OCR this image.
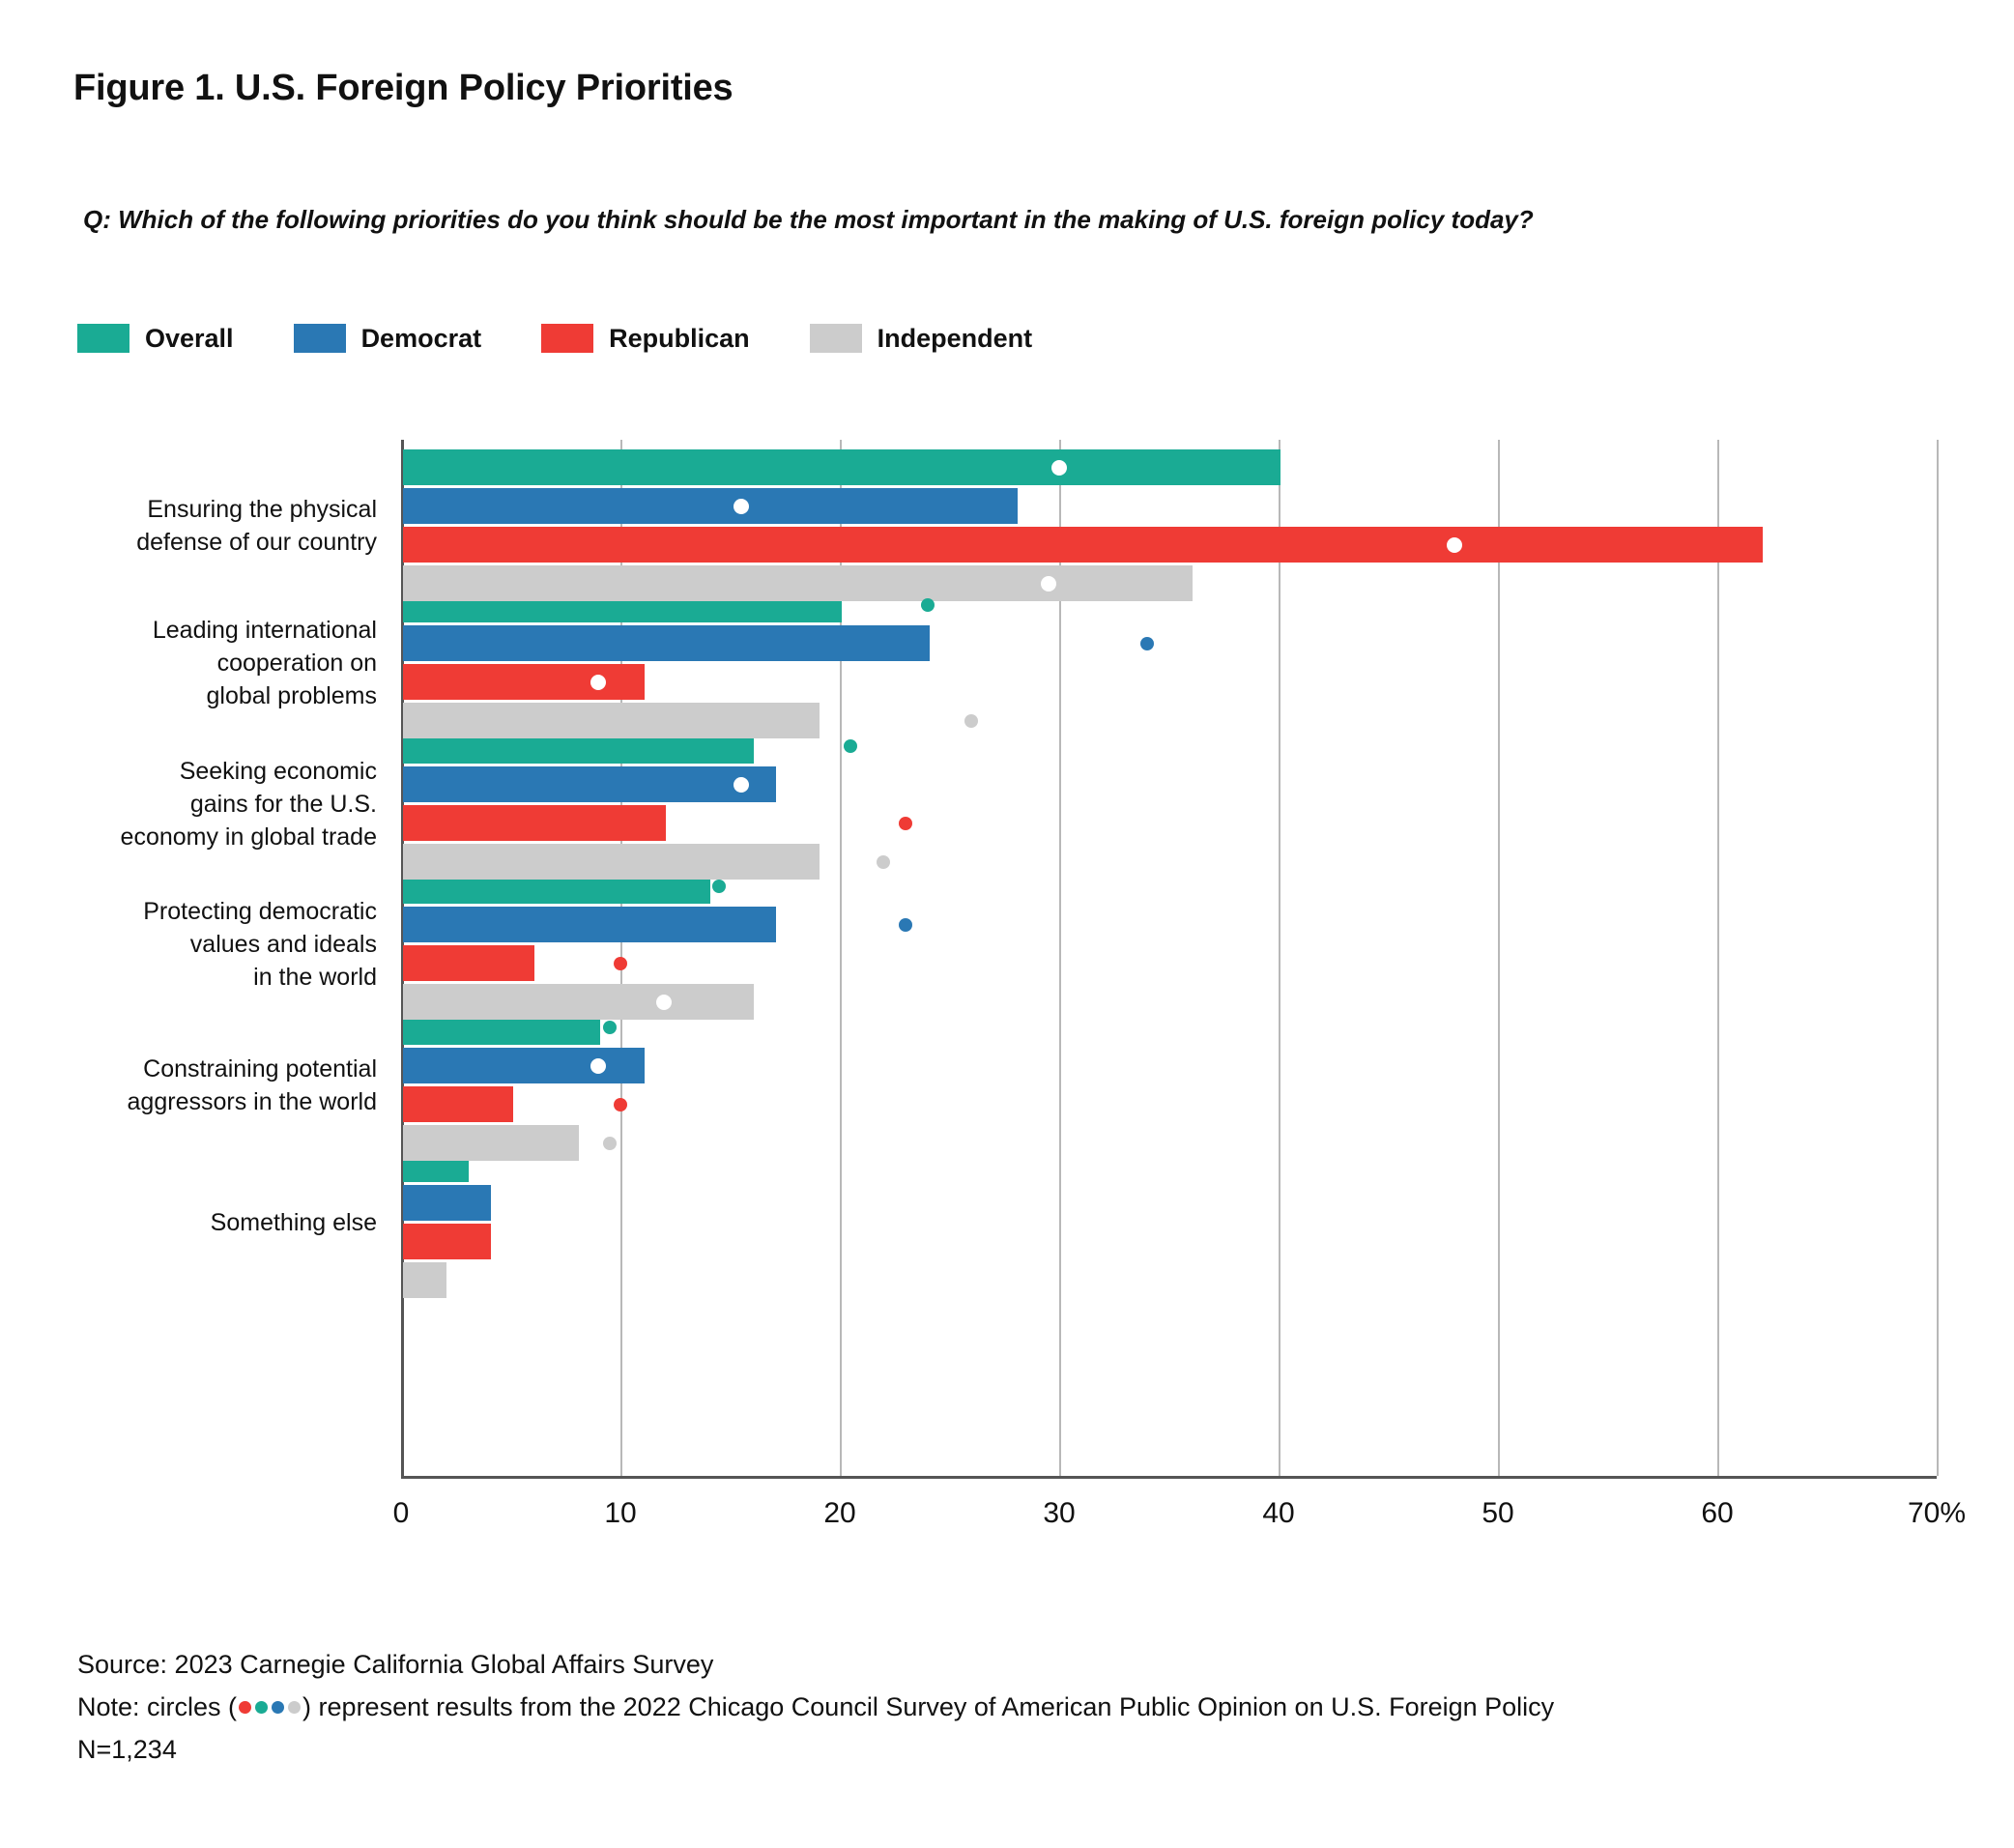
Figure 1. U.S. Foreign Policy Priorities
Q: Which of the following priorities do you think should be the most important in the making of U.S. foreign policy today?
Overall	Democrat	Republican	Independent
0	10	20	30	40	50	60	70%
Source: 2023 Carnegie California Global Affairs Survey
Note: circles (	) represent results from the 2022 Chicago Council Survey of American Public Opinion on U.S. Foreign Policy
N=1,234
Ensuring the physical
defense of our country
Leading international
cooperation on
global problems
Seeking economic
gains for the U.S.
economy in global trade
Protecting democratic
values and ideals
in the world
Constraining potential
aggressors in the world
Something else
